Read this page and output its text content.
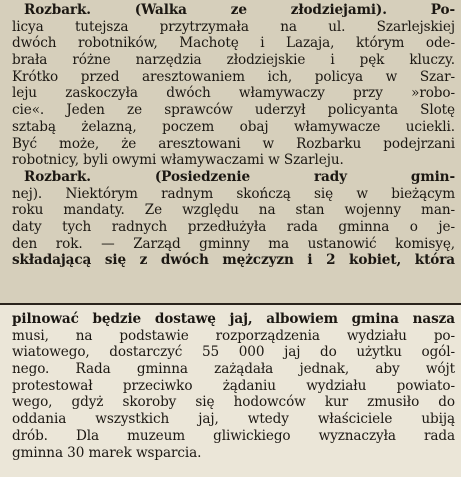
Rozbark. (Walka ze złodziejami). Po-
licya tutejsza przytrzymała na ul. Szarlejskiej
dwóch robotników, Machotę i Lazaja, którym ode-
brała różne narzędzia złodziejskie i pęk kluczy.
Krótko przed aresztowaniem ich, policya w Szar-
leju zaskoczyła dwóch włamywaczy przy »robo-
cie«. Jeden ze sprawców uderzył policyanta Slotę
sztabą żelazną, poczem obaj włamywacze uciekli.
Być może, że aresztowani w Rozbarku podejrzani
robotnicy, byli owymi włamywaczami w Szarleju.
Rozbark. (Posiedzenie rady gmin-
nej). Niektórym radnym skończą się w bieżącym
roku mandaty. Ze względu na stan wojenny man-
daty tych radnych przedłużyła rada gminna o je-
den rok. — Zarząd gminny ma ustanowić komisyę,
składającą się z dwóch mężczyzn i 2 kobiet, która
pilnować będzie dostawę jaj, albowiem gmina nasza
musi, na podstawie rozporządzenia wydziału po-
wiatowego, dostarczyć 55 000 jaj do użytku ogól-
nego. Rada gminna zażądała jednak, aby wójt
protestował przeciwko żądaniu wydziału powiato-
wego, gdyż skoroby się hodowców kur zmusiło do
oddania wszystkich jaj, wtedy właściciele ubiją
drób. Dla muzeum gliwickiego wyznaczyła rada
gminna 30 marek wsparcia.
